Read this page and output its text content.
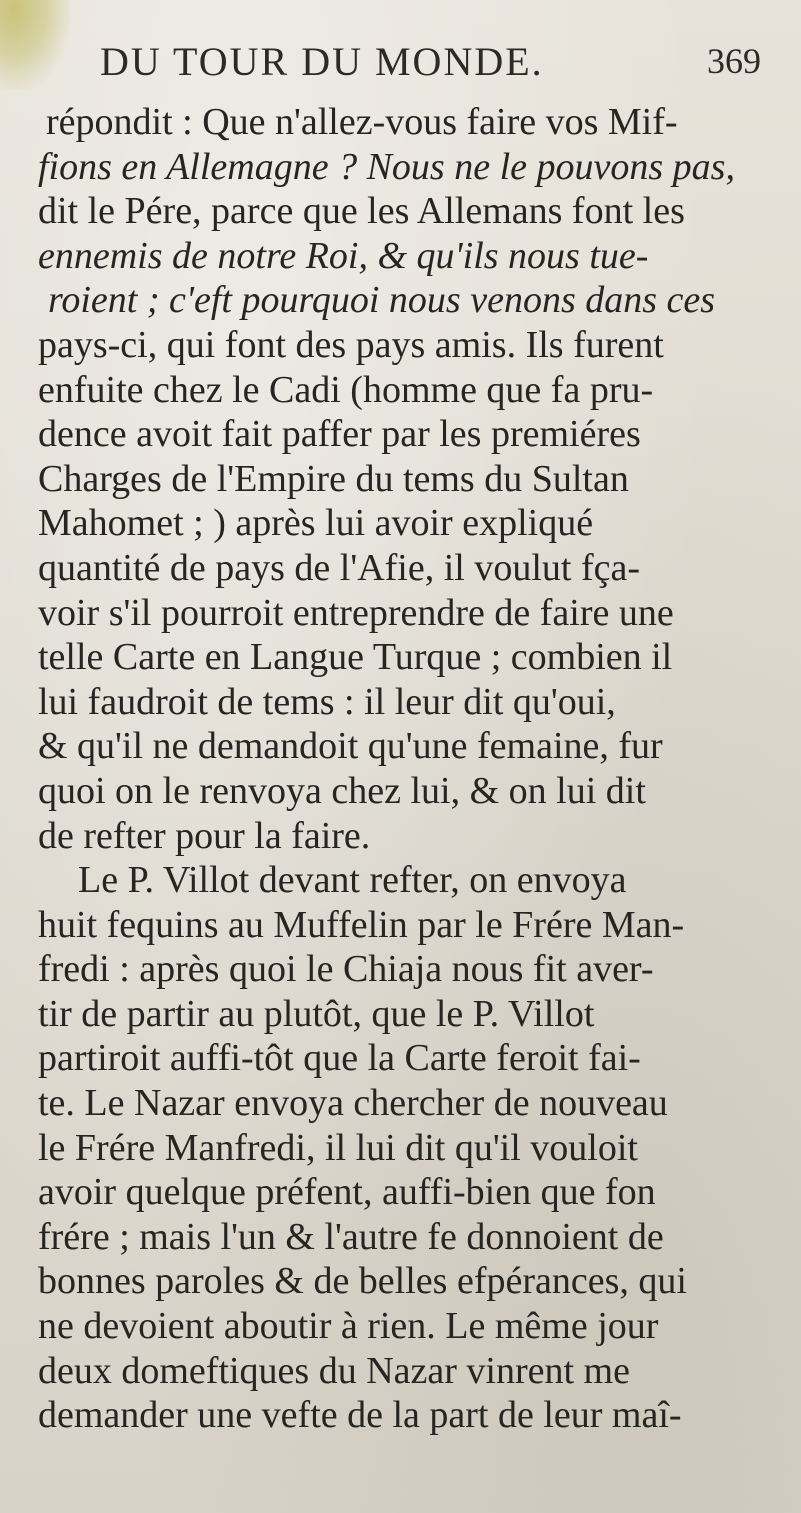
DU TOUR DU MONDE.	369
répondit : Que n'allez-vous faire vos Mif-
fions en Allemagne ? Nous ne le pouvons pas,
dit le Pére, parce que les Allemans font les
ennemis de notre Roi, & qu'ils nous tue-
roient ; c'eft pourquoi nous venons dans ces
pays-ci, qui font des pays amis. Ils furent
enfuite chez le Cadi (homme que fa pru-
dence avoit fait paffer par les premiéres
Charges de l'Empire du tems du Sultan
Mahomet ; ) après lui avoir expliqué
quantité de pays de l'Afie, il voulut fça-
voir s'il pourroit entreprendre de faire une
telle Carte en Langue Turque ; combien il
lui faudroit de tems : il leur dit qu'oui,
& qu'il ne demandoit qu'une femaine, fur
quoi on le renvoya chez lui, & on lui dit
de refter pour la faire.
Le P. Villot devant refter, on envoya
huit fequins au Muffelin par le Frére Man-
fredi : après quoi le Chiaja nous fit aver-
tir de partir au plutôt, que le P. Villot
partiroit auffi-tôt que la Carte feroit fai-
te. Le Nazar envoya chercher de nouveau
le Frére Manfredi, il lui dit qu'il vouloit
avoir quelque préfent, auffi-bien que fon
frére ; mais l'un & l'autre fe donnoient de
bonnes paroles & de belles efpérances, qui
ne devoient aboutir à rien. Le même jour
deux domeftiques du Nazar vinrent me
demander une vefte de la part de leur maî-
